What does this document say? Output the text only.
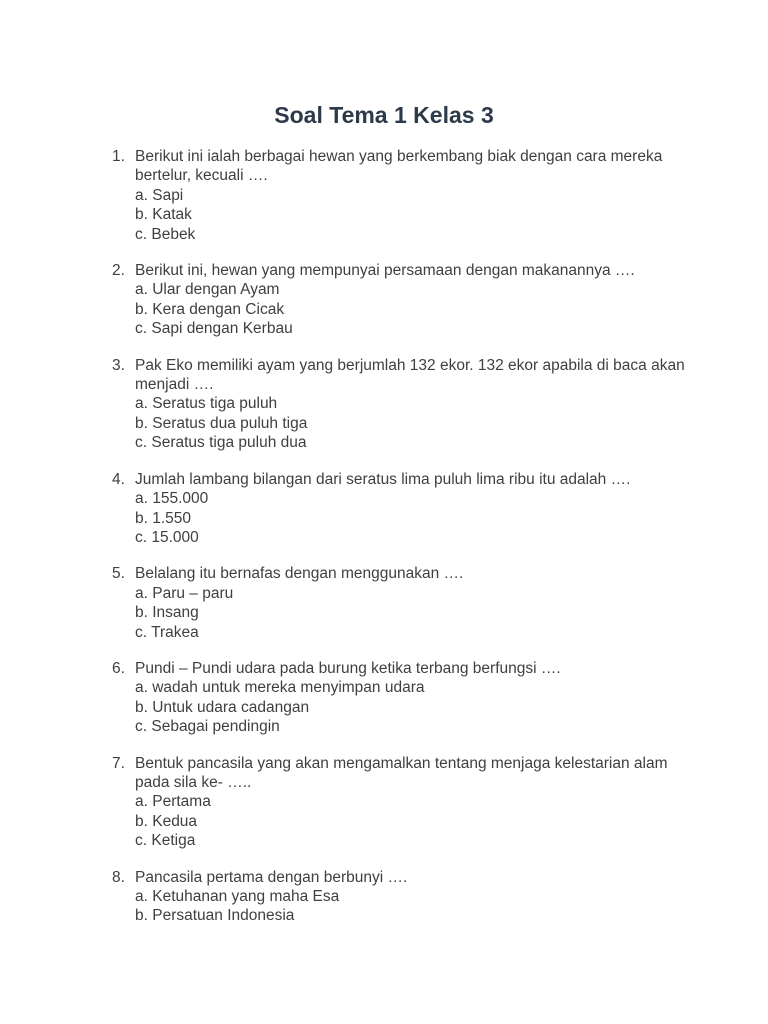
Soal Tema 1 Kelas 3
1. Berikut ini ialah berbagai hewan yang berkembang biak dengan cara mereka bertelur, kecuali ….
a. Sapi
b. Katak
c. Bebek
2. Berikut ini, hewan yang mempunyai persamaan dengan makanannya ….
a. Ular dengan Ayam
b. Kera dengan Cicak
c. Sapi dengan Kerbau
3. Pak Eko memiliki ayam yang berjumlah 132 ekor. 132 ekor apabila di baca akan menjadi ….
a. Seratus tiga puluh
b. Seratus dua puluh tiga
c. Seratus tiga puluh dua
4. Jumlah lambang bilangan dari seratus lima puluh lima ribu itu adalah ….
a. 155.000
b. 1.550
c. 15.000
5. Belalang itu bernafas dengan menggunakan ….
a. Paru – paru
b. Insang
c. Trakea
6. Pundi – Pundi udara pada burung ketika terbang berfungsi ….
a. wadah untuk mereka menyimpan udara
b. Untuk udara cadangan
c. Sebagai pendingin
7. Bentuk pancasila yang akan mengamalkan tentang menjaga kelestarian alam pada sila ke- …..
a. Pertama
b. Kedua
c. Ketiga
8. Pancasila pertama dengan berbunyi ….
a. Ketuhanan yang maha Esa
b. Persatuan Indonesia
